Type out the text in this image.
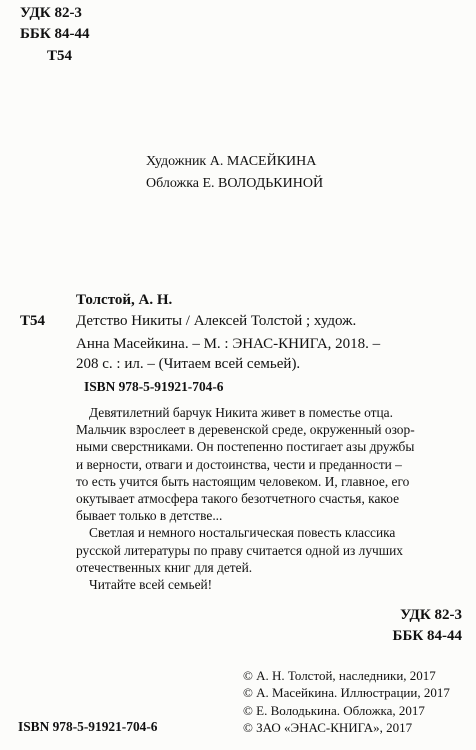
УДК 82-3
ББК 84-44
Т54
Художник А. МАСЕЙКИНА
Обложка Е. ВОЛОДЬКИНОЙ
Толстой, А. Н.
Т54 Детство Никиты / Алексей Толстой ; худож.
Анна Масейкина. – М. : ЭНАС-КНИГА, 2018. –
208 с. : ил. – (Читаем всей семьей).
ISBN 978-5-91921-704-6
Девятилетний барчук Никита живет в поместье отца.
Мальчик взрослеет в деревенской среде, окруженный озор-
ными сверстниками. Он постепенно постигает азы дружбы
и верности, отваги и достоинства, чести и преданности –
то есть учится быть настоящим человеком. И, главное, его
окутывает атмосфера такого безотчетного счастья, какое
бывает только в детстве...
Светлая и немного ностальгическая повесть классика
русской литературы по праву считается одной из лучших
отечественных книг для детей.
Читайте всей семьей!
УДК 82-3
ББК 84-44
© А. Н. Толстой, наследники, 2017
© А. Масейкина. Иллюстрации, 2017
© Е. Володькина. Обложка, 2017
© ЗАО «ЭНАС-КНИГА», 2017
ISBN 978-5-91921-704-6
